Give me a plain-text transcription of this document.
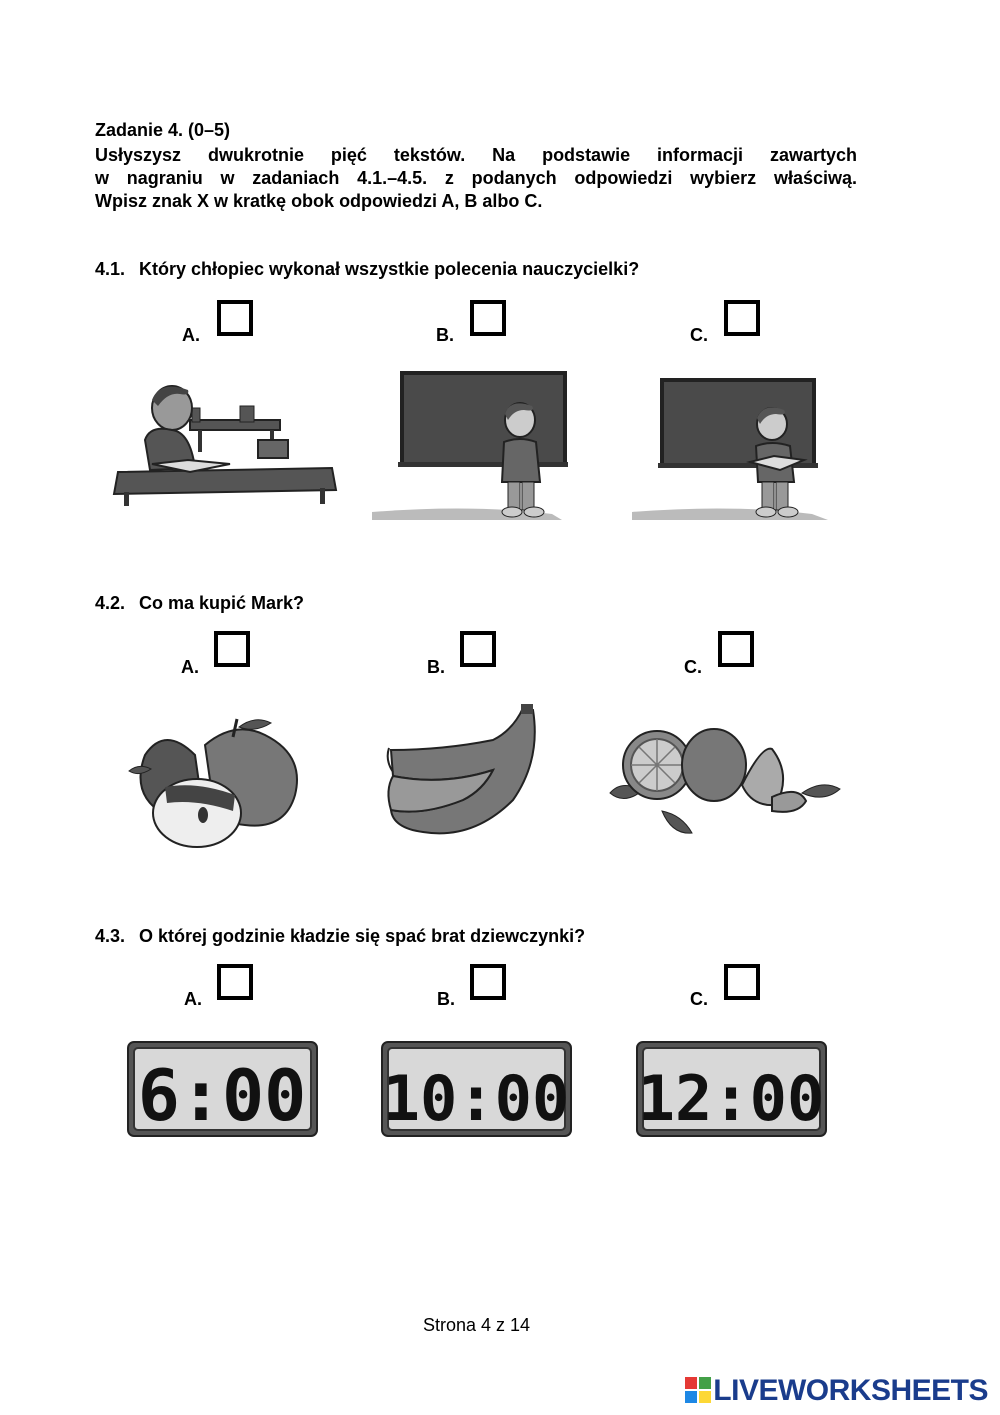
Zadanie 4. (0–5)
Usłyszysz dwukrotnie pięć tekstów. Na podstawie informacji zawartych
w nagraniu w zadaniach 4.1.–4.5. z podanych odpowiedzi wybierz właściwą.
Wpisz znak X w kratkę obok odpowiedzi A, B albo C.
4.1. Który chłopiec wykonał wszystkie polecenia nauczycielki?
A.	B.	C.
4.2. Co ma kupić Mark?
A.	B.	C.
4.3. O której godzinie kładzie się spać brat dziewczynki?
A.	B.	C.
6:00 10:00 12:00
Strona 4 z 14
LIVEWORKSHEETS
